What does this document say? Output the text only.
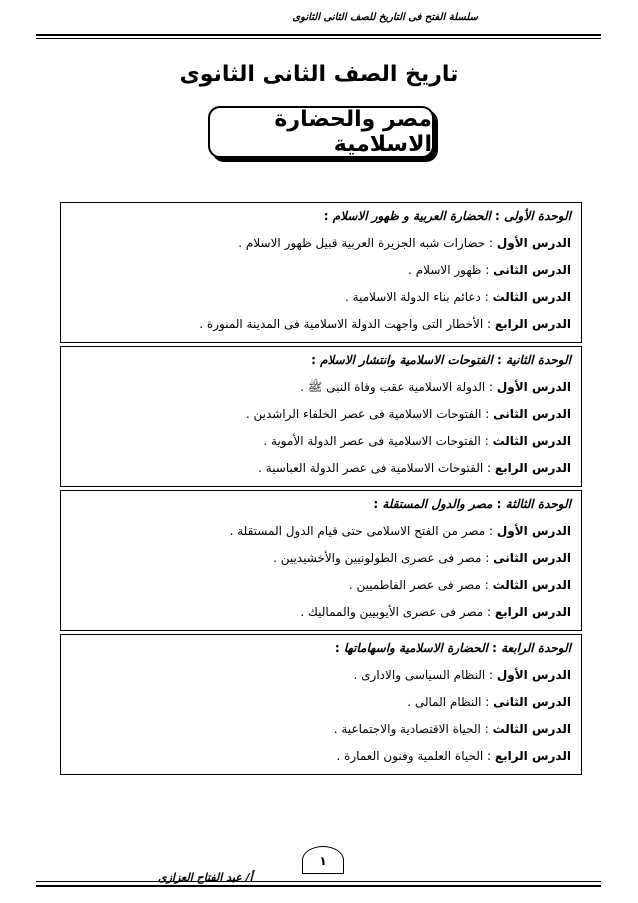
سلسلة الفتح فى التاريخ للصف الثانى الثانوى
تاريخ الصف الثانى الثانوى
مصر والحضارة الاسلامية
الوحدة الأولى : الحضارة العربية و ظهور الاسلام :
الدرس الأول : حضارات شبه الجزيرة العربية قبيل ظهور الاسلام .
الدرس الثانى : ظهور الاسلام .
الدرس الثالث : دعائم بناء الدولة الاسلامية .
الدرس الرابع : الأخطار التى واجهت الدولة الاسلامية فى المدينة المنورة .
الوحدة الثانية : الفتوحات الاسلامية وانتشار الاسلام :
الدرس الأول : الدولة الاسلامية عقب وفاة النبى ﷺ .
الدرس الثانى : الفتوحات الاسلامية فى عصر الخلفاء الراشدين .
الدرس الثالث : الفتوحات الاسلامية فى عصر الدولة الأموية .
الدرس الرابع : الفتوحات الاسلامية فى عصر الدولة العباسية .
الوحدة الثالثة : مصر والدول المستقلة :
الدرس الأول : مصر من الفتح الاسلامى حتى قيام الدول المستقلة .
الدرس الثانى : مصر فى عصرى الطولونيين والأخشيديين .
الدرس الثالث : مصر فى عصر الفاطميين .
الدرس الرابع : مصر فى عصرى الأيوبيين والمماليك .
الوحدة الرابعة : الحضارة الاسلامية واسهاماتها :
الدرس الأول : النظام السياسى والادارى .
الدرس الثانى : النظام المالى .
الدرس الثالث : الحياة الاقتصادية والاجتماعية .
الدرس الرابع : الحياة العلمية وفنون العمارة .
١
أ/ عبد الفتاح العزازى
